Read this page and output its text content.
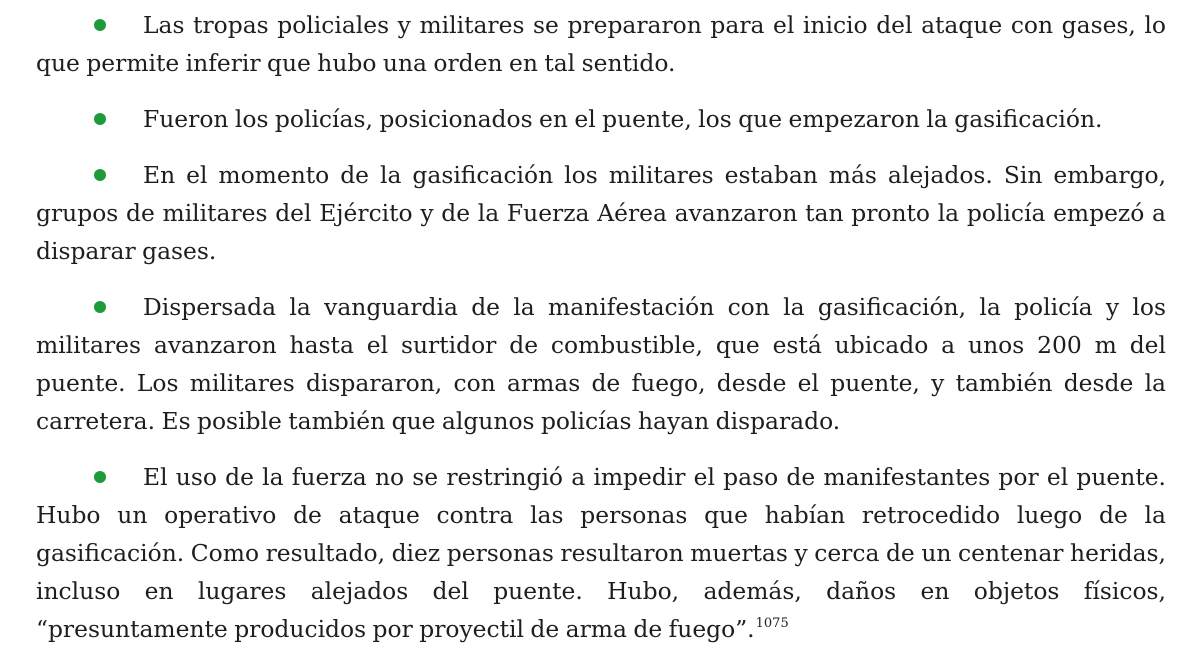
Las tropas policiales y militares se prepararon para el inicio del ataque con gases, lo que permite inferir que hubo una orden en tal sentido.

Fueron los policías, posicionados en el puente, los que empezaron la gasificación.

En el momento de la gasificación los militares estaban más alejados. Sin embargo, grupos de militares del Ejército y de la Fuerza Aérea avanzaron tan pronto la policía empezó a disparar gases.

Dispersada la vanguardia de la manifestación con la gasificación, la policía y los militares avanzaron hasta el surtidor de combustible, que está ubicado a unos 200 m del puente. Los militares dispararon, con armas de fuego, desde el puente, y también desde la carretera. Es posible también que algunos policías hayan disparado.

El uso de la fuerza no se restringió a impedir el paso de manifestantes por el puente. Hubo un operativo de ataque contra las personas que habían retrocedido luego de la gasificación. Como resultado, diez personas resultaron muertas y cerca de un centenar heridas, incluso en lugares alejados del puente. Hubo, además, daños en objetos físicos, “presuntamente producidos por proyectil de arma de fuego”.$^{1075}$
